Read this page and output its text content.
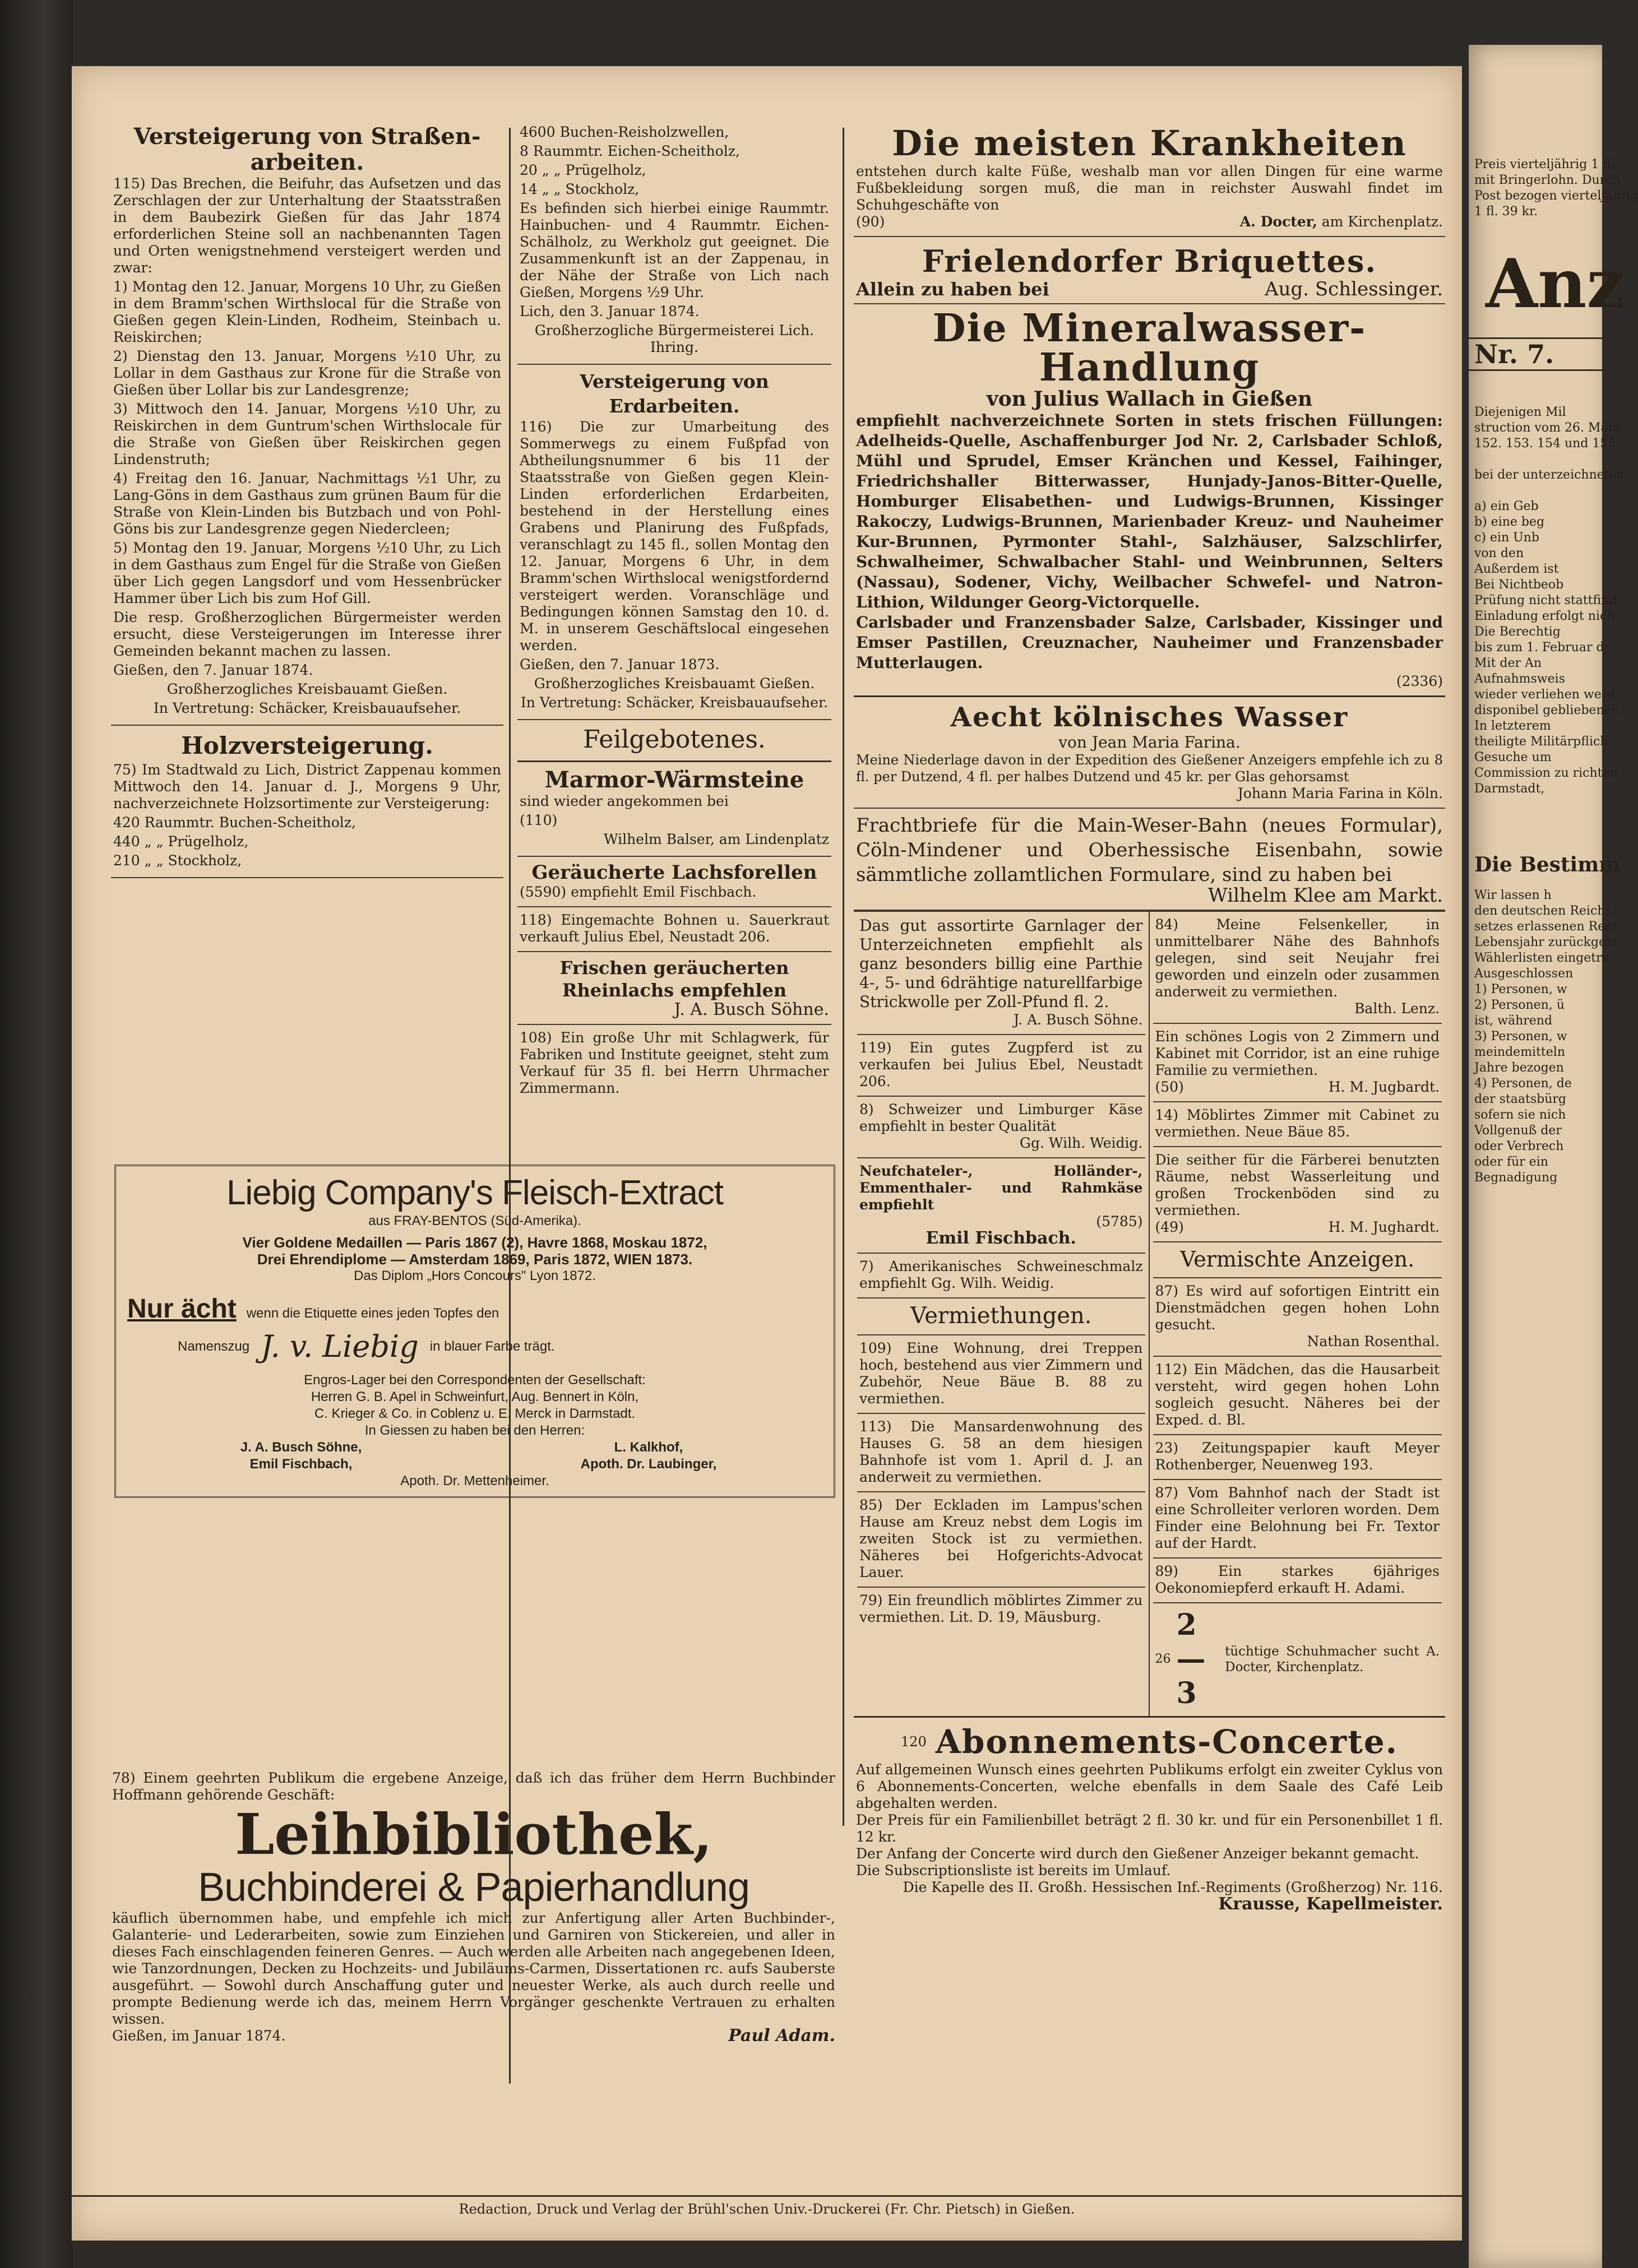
Versteigerung von Straßen-arbeiten.

115) Das Brechen, die Beifuhr, das Aufsetzen und das Zerschlagen der zur Unterhaltung der Staatsstraßen in dem Baubezirk Gießen für das Jahr 1874 erforderlichen Steine soll an nachbenannten Tagen und Orten wenigstnehmend versteigert werden und zwar:

1) Montag den 12. Januar, Morgens 10 Uhr, zu Gießen in dem Bramm'schen Wirthslocal für die Straße von Gießen gegen Klein-Linden, Rodheim, Steinbach u. Reiskirchen;

2) Dienstag den 13. Januar, Morgens ½10 Uhr, zu Lollar in dem Gasthaus zur Krone für die Straße von Gießen über Lollar bis zur Landesgrenze;

3) Mittwoch den 14. Januar, Morgens ½10 Uhr, zu Reiskirchen in dem Guntrum'schen Wirthslocale für die Straße von Gießen über Reiskirchen gegen Lindenstruth;

4) Freitag den 16. Januar, Nachmittags ½1 Uhr, zu Lang-Göns in dem Gasthaus zum grünen Baum für die Straße von Klein-Linden bis Butzbach und von Pohl-Göns bis zur Landesgrenze gegen Niedercleen;

5) Montag den 19. Januar, Morgens ½10 Uhr, zu Lich in dem Gasthaus zum Engel für die Straße von Gießen über Lich gegen Langsdorf und vom Hessenbrücker Hammer über Lich bis zum Hof Gill.

Die resp. Großherzoglichen Bürgermeister werden ersucht, diese Versteigerungen im Interesse ihrer Gemeinden bekannt machen zu lassen.

Gießen, den 7. Januar 1874.

Großherzogliches Kreisbauamt Gießen.

In Vertretung: Schäcker, Kreisbauaufseher.

Holzversteigerung.

75) Im Stadtwald zu Lich, District Zappenau kommen Mittwoch den 14. Januar d. J., Morgens 9 Uhr, nachverzeichnete Holzsortimente zur Versteigerung:

420 Raummtr. Buchen-Scheitholz,

440 „ „ Prügelholz,

210 „ „ Stockholz,

4600 Buchen-Reisholzwellen,

8 Raummtr. Eichen-Scheitholz,

20 „ „ Prügelholz,

14 „ „ Stockholz,

Es befinden sich hierbei einige Raummtr. Hainbuchen- und 4 Raummtr. Eichen-Schälholz, zu Werkholz gut geeignet. Die Zusammenkunft ist an der Zappenau, in der Nähe der Straße von Lich nach Gießen, Morgens ½9 Uhr.

Lich, den 3. Januar 1874.

Großherzogliche Bürgermeisterei Lich. Ihring.

Versteigerung von Erdarbeiten.

116) Die zur Umarbeitung des Sommerwegs zu einem Fußpfad von Abtheilungsnummer 6 bis 11 der Staatsstraße von Gießen gegen Klein-Linden erforderlichen Erdarbeiten, bestehend in der Herstellung eines Grabens und Planirung des Fußpfads, veranschlagt zu 145 fl., sollen Montag den 12. Januar, Morgens 6 Uhr, in dem Bramm'schen Wirthslocal wenigstfordernd versteigert werden. Voranschläge und Bedingungen können Samstag den 10. d. M. in unserem Geschäftslocal eingesehen werden.

Gießen, den 7. Januar 1873.

Großherzogliches Kreisbauamt Gießen.

In Vertretung: Schäcker, Kreisbauaufseher.

Feilgebotenes.
Marmor-Wärmsteine

sind wieder angekommen bei

(110)

Wilhelm Balser, am Lindenplatz

Geräucherte Lachsforellen
(5590) empfiehlt Emil Fischbach.
118) Eingemachte Bohnen u. Sauerkraut verkauft Julius Ebel, Neustadt 206.
Frischen geräucherten Rheinlachs empfehlen
J. A. Busch Söhne.
108) Ein große Uhr mit Schlagwerk, für Fabriken und Institute geeignet, steht zum Verkauf für 35 fl. bei Herrn Uhrmacher Zimmermann.
Liebig Company's Fleisch-Extract
aus FRAY-BENTOS (Süd-Amerika).
Vier Goldene Medaillen — Paris 1867 (2), Havre 1868, Moskau 1872,
Drei Ehrendiplome — Amsterdam 1869, Paris 1872, WIEN 1873.
Das Diplom „Hors Concours" Lyon 1872.
Nur ächt wenn die Etiquette eines jeden Topfes den
Namenszug J. v. Liebig in blauer Farbe trägt.
Engros-Lager bei den Correspondenten der Gesellschaft:
Herren G. B. Apel in Schweinfurt, Aug. Bennert in Köln,
C. Krieger & Co. in Coblenz u. E. Merck in Darmstadt.
In Giessen zu haben bei den Herren:
J. A. Busch Söhne,	L. Kalkhof,
Emil Fischbach,	Apoth. Dr. Laubinger,
Apoth. Dr. Mettenheimer.
78) Einem geehrten Publikum die ergebene Anzeige, daß ich das früher dem Herrn Buchbinder Hoffmann gehörende Geschäft:
Leihbibliothek,
Buchbinderei & Papierhandlung
käuflich übernommen habe, und empfehle ich mich zur Anfertigung aller Arten Buchbinder-, Galanterie- und Lederarbeiten, sowie zum Einziehen und Garniren von Stickereien, und aller in dieses Fach einschlagenden feineren Genres. — Auch werden alle Arbeiten nach angegebenen Ideen, wie Tanzordnungen, Decken zu Hochzeits- und Jubiläums-Carmen, Dissertationen rc. aufs Sauberste ausgeführt. — Sowohl durch Anschaffung guter und neuester Werke, als auch durch reelle und prompte Bedienung werde ich das, meinem Herrn Vorgänger geschenkte Vertrauen zu erhalten wissen.
Gießen, im Januar 1874.	Paul Adam.
Die meisten Krankheiten
entstehen durch kalte Füße, weshalb man vor allen Dingen für eine warme Fußbekleidung sorgen muß, die man in reichster Auswahl findet im Schuhgeschäfte von
(90)	A. Docter, am Kirchenplatz.
Frielendorfer Briquettes.
Allein zu haben bei	Aug. Schlessinger.
Die Mineralwasser-Handlung
von Julius Wallach in Gießen
empfiehlt nachverzeichnete Sorten in stets frischen Füllungen: Adelheids-Quelle, Aschaffenburger Jod Nr. 2, Carlsbader Schloß, Mühl und Sprudel, Emser Kränchen und Kessel, Faihinger, Friedrichshaller Bitterwasser, Hunjady-Janos-Bitter-Quelle, Homburger Elisabethen- und Ludwigs-Brunnen, Kissinger Rakoczy, Ludwigs-Brunnen, Marienbader Kreuz- und Nauheimer Kur-Brunnen, Pyrmonter Stahl-, Salzhäuser, Salzschlirfer, Schwalheimer, Schwalbacher Stahl- und Weinbrunnen, Selters (Nassau), Sodener, Vichy, Weilbacher Schwefel- und Natron-Lithion, Wildunger Georg-Victorquelle.
Carlsbader und Franzensbader Salze, Carlsbader, Kissinger und Emser Pastillen, Creuznacher, Nauheimer und Franzensbader Mutterlaugen.
(2336)
Aecht kölnisches Wasser
von Jean Maria Farina.
Meine Niederlage davon in der Expedition des Gießener Anzeigers empfehle ich zu 8 fl. per Dutzend, 4 fl. per halbes Dutzend und 45 kr. per Glas gehorsamst
Johann Maria Farina in Köln.
Frachtbriefe für die Main-Weser-Bahn (neues Formular), Cöln-Mindener und Oberhessische Eisenbahn, sowie sämmtliche zollamtlichen Formulare, sind zu haben bei
Wilhelm Klee am Markt.
Das gut assortirte Garnlager der Unterzeichneten empfiehlt als ganz besonders billig eine Parthie 4-, 5- und 6drähtige naturellfarbige Strickwolle per Zoll-Pfund fl. 2.
J. A. Busch Söhne.
119) Ein gutes Zugpferd ist zu verkaufen bei Julius Ebel, Neustadt 206.
8) Schweizer und Limburger Käse empfiehlt in bester Qualität
Gg. Wilh. Weidig.
Neufchateler-, Holländer-, Emmenthaler- und Rahmkäse empfiehlt
(5785)
Emil Fischbach.
7) Amerikanisches Schweineschmalz empfiehlt Gg. Wilh. Weidig.
Vermiethungen.
109) Eine Wohnung, drei Treppen hoch, bestehend aus vier Zimmern und Zubehör, Neue Bäue B. 88 zu vermiethen.
113) Die Mansardenwohnung des Hauses G. 58 an dem hiesigen Bahnhofe ist vom 1. April d. J. an anderweit zu vermiethen.
85) Der Eckladen im Lampus'schen Hause am Kreuz nebst dem Logis im zweiten Stock ist zu vermiethen. Näheres bei Hofgerichts-Advocat Lauer.
79) Ein freundlich möblirtes Zimmer zu vermiethen. Lit. D. 19, Mäusburg.
84) Meine Felsenkeller, in unmittelbarer Nähe des Bahnhofs gelegen, sind seit Neujahr frei geworden und einzeln oder zusammen anderweit zu vermiethen.
Balth. Lenz.
Ein schönes Logis von 2 Zimmern und Kabinet mit Corridor, ist an eine ruhige Familie zu vermiethen.
(50)	H. M. Jugbardt.
14) Möblirtes Zimmer mit Cabinet zu vermiethen. Neue Bäue 85.
Die seither für die Färberei benutzten Räume, nebst Wasserleitung und großen Trockenböden sind zu vermiethen.
(49)	H. M. Jughardt.
Vermischte Anzeigen.
87) Es wird auf sofortigen Eintritt ein Dienstmädchen gegen hohen Lohn gesucht.
Nathan Rosenthal.
112) Ein Mädchen, das die Hausarbeit versteht, wird gegen hohen Lohn sogleich gesucht. Näheres bei der Exped. d. Bl.
23) Zeitungspapier kauft Meyer Rothenberger, Neuenweg 193.
87) Vom Bahnhof nach der Stadt ist eine Schrolleiter verloren worden. Dem Finder eine Belohnung bei Fr. Textor auf der Hardt.
89) Ein starkes 6jähriges Oekonomiepferd erkauft H. Adami.
26
2—3
tüchtige Schuhmacher sucht A. Docter, Kirchenplatz.
120 Abonnements-Concerte.
Auf allgemeinen Wunsch eines geehrten Publikums erfolgt ein zweiter Cyklus von 6 Abonnements-Concerten, welche ebenfalls in dem Saale des Café Leib abgehalten werden.
Der Preis für ein Familienbillet beträgt 2 fl. 30 kr. und für ein Personenbillet 1 fl. 12 kr.
Der Anfang der Concerte wird durch den Gießener Anzeiger bekannt gemacht.
Die Subscriptionsliste ist bereits im Umlauf.
Die Kapelle des II. Großh. Hessischen Inf.-Regiments (Großherzog) Nr. 116.
Krausse, Kapellmeister.
Redaction, Druck und Verlag der Brühl'schen Univ.-Druckerei (Fr. Chr. Pietsch) in Gießen.
Preis vierteljährig 1 fl.
mit Bringerlohn. Durch
Post bezogen vierteljährig
1 fl. 39 kr.
Anz
Nr. 7.
Diejenigen Mil
struction vom 26. März
152. 153. 154 und 155
bei der unterzeichneten
a) ein Geb
b) eine beg
c) ein Unb
von den
Außerdem ist
Bei Nichtbeob
Prüfung nicht stattfind
Einladung erfolgt nich
Die Berechtig
bis zum 1. Februar d
Mit der An
Aufnahmsweis
wieder verliehen werd
disponibel gebliebenen
In letzterem
theiligte Militärpflich
Gesuche um
Commission zu richten
Darmstadt,
Die Bestimm
Wir lassen h
den deutschen Reichs
setzes erlassenen Regl
Lebensjahr zurückgele
Wählerlisten eingetra
Ausgeschlossen
1) Personen, w
2) Personen, ü
ist, während
3) Personen, w
meindemitteln
Jahre bezogen
4) Personen, de
der staatsbürg
sofern sie nich
Vollgenuß der
oder Verbrech
oder für ein
Begnadigung
